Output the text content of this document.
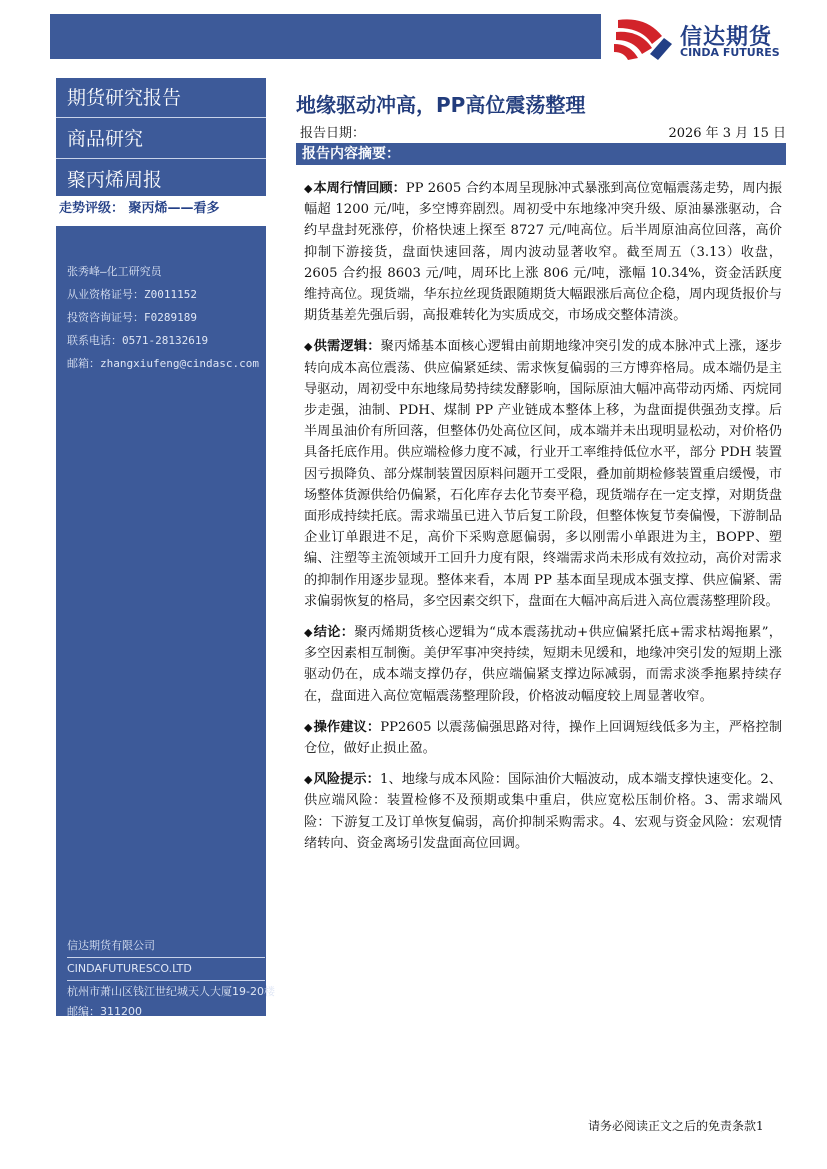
信达期货
CINDA FUTURES
期货研究报告
商品研究
聚丙烯周报
走势评级： 聚丙烯——看多
张秀峰—化工研究员
从业资格证号：Z0011152
投资咨询证号：F0289189
联系电话：0571-28132619
邮箱：zhangxiufeng@cindasc.com
信达期货有限公司
CINDAFUTURESCO.LTD
杭州市萧山区钱江世纪城天人大厦19-20楼
邮编：311200
地缘驱动冲高，PP高位震荡整理
报告日期：	2026 年 3 月 15 日
报告内容摘要：

◆ 本周行情回顾：PP 2605 合约本周呈现脉冲式暴涨到高位宽幅震荡走势，周内振幅超 1200 元/吨，多空博弈剧烈。周初受中东地缘冲突升级、原油暴涨驱动，合约早盘封死涨停，价格快速上探至 8727 元/吨高位。后半周原油高位回落，高价抑制下游接货，盘面快速回落，周内波动显著收窄。截至周五（3.13）收盘，2605 合约报 8603 元/吨，周环比上涨 806 元/吨，涨幅 10.34%，资金活跃度维持高位。现货端，华东拉丝现货跟随期货大幅跟涨后高位企稳，周内现货报价与期货基差先强后弱，高报难转化为实质成交，市场成交整体清淡。

◆ 供需逻辑：聚丙烯基本面核心逻辑由前期地缘冲突引发的成本脉冲式上涨，逐步转向成本高位震荡、供应偏紧延续、需求恢复偏弱的三方博弈格局。成本端仍是主导驱动，周初受中东地缘局势持续发酵影响，国际原油大幅冲高带动丙烯、丙烷同步走强，油制、PDH、煤制 PP 产业链成本整体上移，为盘面提供强劲支撑。后半周虽油价有所回落，但整体仍处高位区间，成本端并未出现明显松动，对价格仍具备托底作用。供应端检修力度不减，行业开工率维持低位水平，部分 PDH 装置因亏损降负、部分煤制装置因原料问题开工受限，叠加前期检修装置重启缓慢，市场整体货源供给仍偏紧，石化库存去化节奏平稳，现货端存在一定支撑，对期货盘面形成持续托底。需求端虽已进入节后复工阶段，但整体恢复节奏偏慢，下游制品企业订单跟进不足，高价下采购意愿偏弱，多以刚需小单跟进为主，BOPP、塑编、注塑等主流领域开工回升力度有限，终端需求尚未形成有效拉动，高价对需求的抑制作用逐步显现。整体来看，本周 PP 基本面呈现成本强支撑、供应偏紧、需求偏弱恢复的格局，多空因素交织下，盘面在大幅冲高后进入高位震荡整理阶段。

◆ 结论：聚丙烯期货核心逻辑为“成本震荡扰动+供应偏紧托底+需求枯竭拖累”，多空因素相互制衡。美伊军事冲突持续，短期未见缓和，地缘冲突引发的短期上涨驱动仍在，成本端支撑仍存，供应端偏紧支撑边际减弱，而需求淡季拖累持续存在，盘面进入高位宽幅震荡整理阶段，价格波动幅度较上周显著收窄。

◆ 操作建议：PP2605 以震荡偏强思路对待，操作上回调短线低多为主，严格控制仓位，做好止损止盈。

◆ 风险提示：1、地缘与成本风险：国际油价大幅波动，成本端支撑快速变化。2、供应端风险：装置检修不及预期或集中重启，供应宽松压制价格。3、需求端风险：下游复工及订单恢复偏弱，高价抑制采购需求。4、宏观与资金风险：宏观情绪转向、资金离场引发盘面高位回调。

请务必阅读正文之后的免责条款1
